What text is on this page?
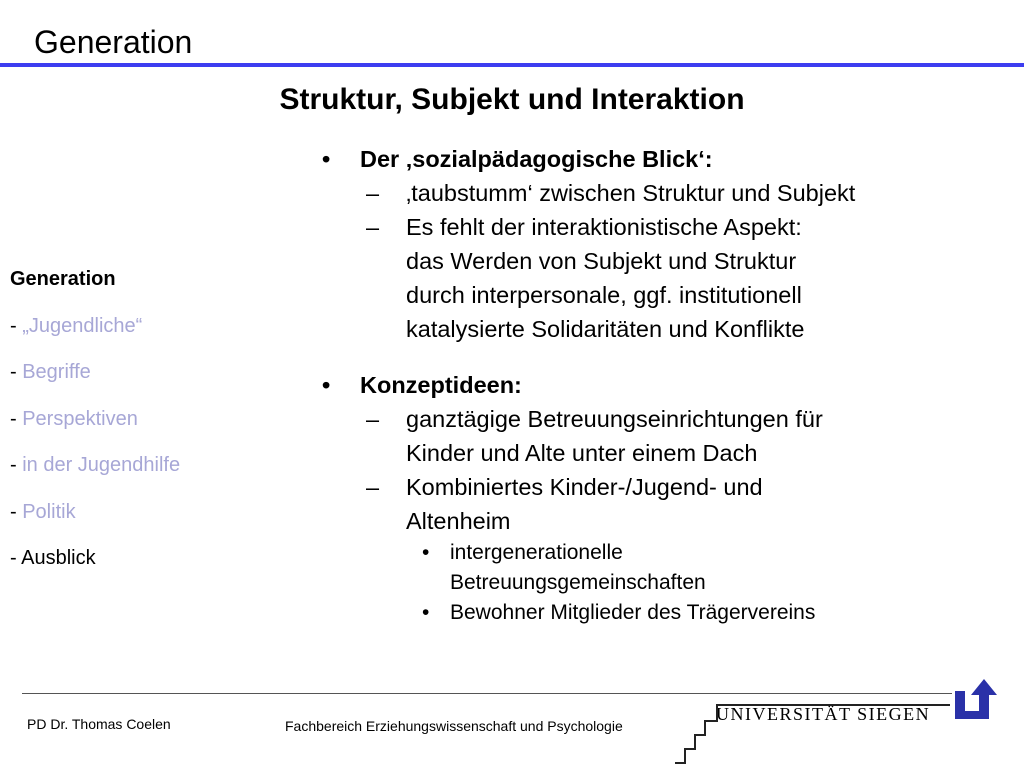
Generation
Struktur, Subjekt und Interaktion
• Der ‚sozialpädagogische Blick‘:
– ‚taubstumm‘ zwischen Struktur und Subjekt
– Es fehlt der interaktionistische Aspekt:
das Werden von Subjekt und Struktur
durch interpersonale, ggf. institutionell
katalysierte Solidaritäten und Konflikte
• Konzeptideen:
– ganztägige Betreuungseinrichtungen für
Kinder und Alte unter einem Dach
– Kombiniertes Kinder-/Jugend- und
Altenheim
• intergenerationelle
Betreuungsgemeinschaften
• Bewohner Mitglieder des Trägervereins
Generation
- „Jugendliche“
- Begriffe
- Perspektiven
- in der Jugendhilfe
- Politik
- Ausblick
PD Dr. Thomas Coelen	Fachbereich Erziehungswissenschaft und Psychologie
UNIVERSITÄT SIEGEN
